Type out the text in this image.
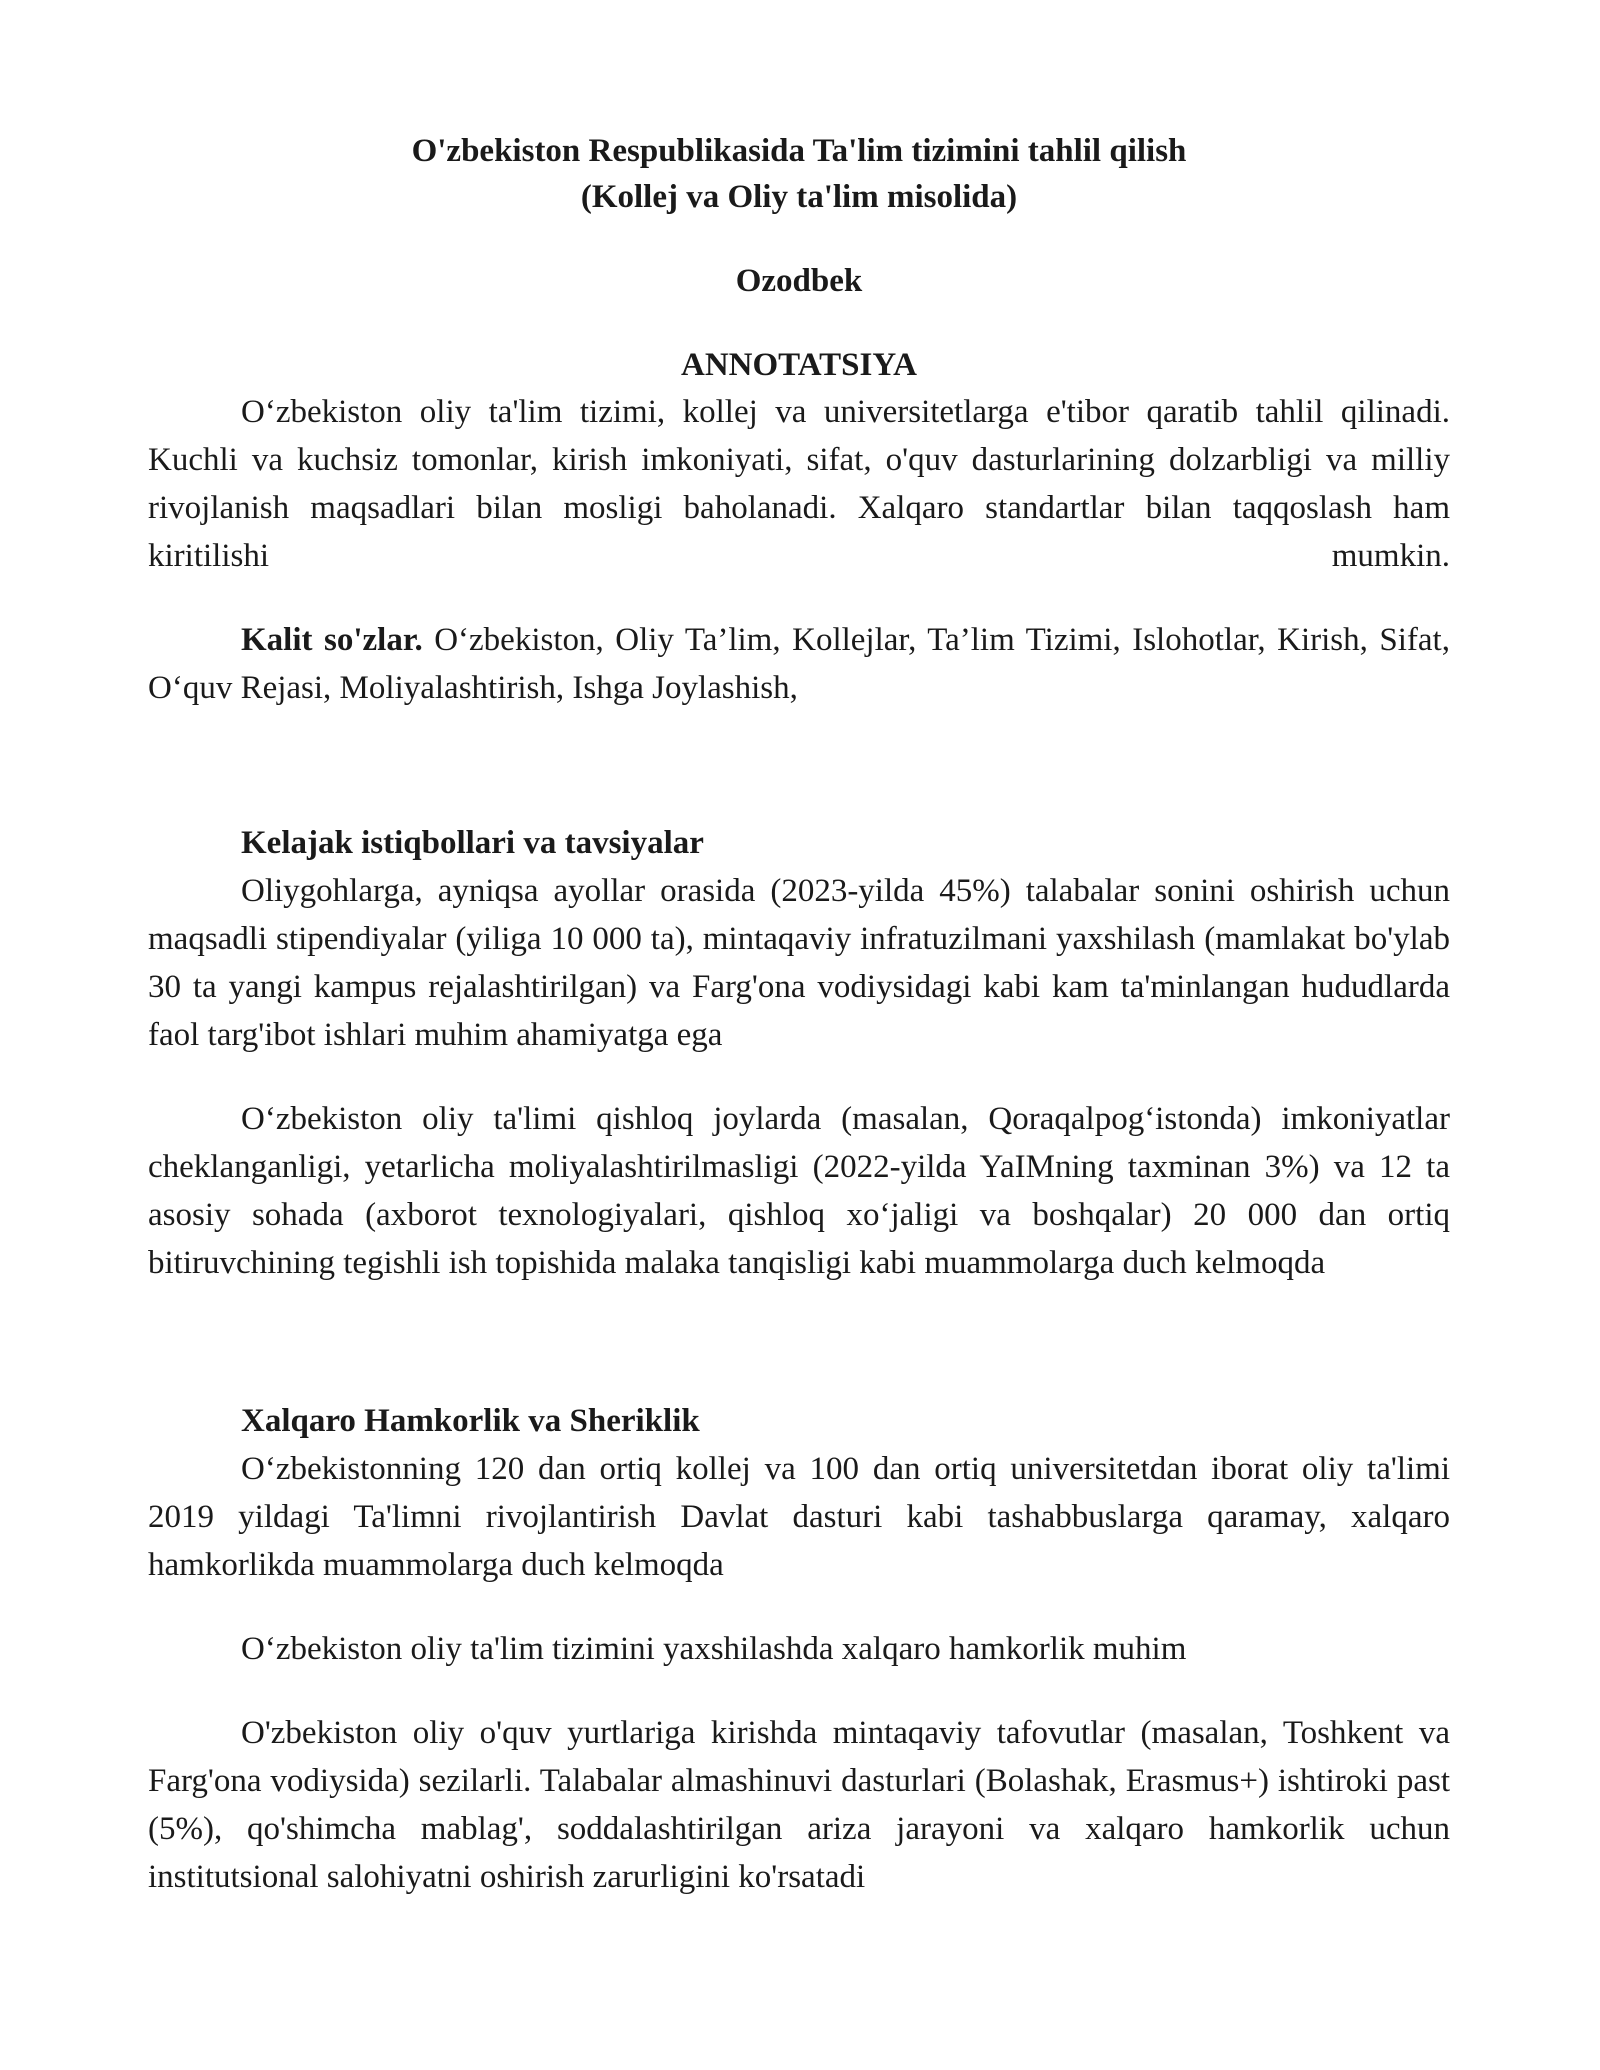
O'zbekiston Respublikasida Ta'lim tizimini tahlil qilish
(Kollej va Oliy ta'lim misolida)
Ozodbek
ANNOTATSIYA

O‘zbekiston oliy ta'lim tizimi, kollej va universitetlarga e'tibor qaratib tahlil qilinadi. Kuchli va kuchsiz tomonlar, kirish imkoniyati, sifat, o'quv dasturlarining dolzarbligi va milliy rivojlanish maqsadlari bilan mosligi baholanadi. Xalqaro standartlar bilan taqqoslash ham kiritilishi mumkin.

Kalit so'zlar. O‘zbekiston, Oliy Ta’lim, Kollejlar, Ta’lim Tizimi, Islohotlar, Kirish, Sifat, O‘quv Rejasi, Moliyalashtirish, Ishga Joylashish,

Kelajak istiqbollari va tavsiyalar

Oliygohlarga, ayniqsa ayollar orasida (2023-yilda 45%) talabalar sonini oshirish uchun maqsadli stipendiyalar (yiliga 10 000 ta), mintaqaviy infratuzilmani yaxshilash (mamlakat bo'ylab 30 ta yangi kampus rejalashtirilgan) va Farg'ona vodiysidagi kabi kam ta'minlangan hududlarda faol targ'ibot ishlari muhim ahamiyatga ega

O‘zbekiston oliy ta'limi qishloq joylarda (masalan, Qoraqalpog‘istonda) imkoniyatlar cheklanganligi, yetarlicha moliyalashtirilmasligi (2022-yilda YaIMning taxminan 3%) va 12 ta asosiy sohada (axborot texnologiyalari, qishloq xo‘jaligi va boshqalar) 20 000 dan ortiq bitiruvchining tegishli ish topishida malaka tanqisligi kabi muammolarga duch kelmoqda

Xalqaro Hamkorlik va Sheriklik

O‘zbekistonning 120 dan ortiq kollej va 100 dan ortiq universitetdan iborat oliy ta'limi 2019 yildagi Ta'limni rivojlantirish Davlat dasturi kabi tashabbuslarga qaramay, xalqaro hamkorlikda muammolarga duch kelmoqda

O‘zbekiston oliy ta'lim tizimini yaxshilashda xalqaro hamkorlik muhim

O'zbekiston oliy o'quv yurtlariga kirishda mintaqaviy tafovutlar (masalan, Toshkent va Farg'ona vodiysida) sezilarli. Talabalar almashinuvi dasturlari (Bolashak, Erasmus+) ishtiroki past (5%), qo'shimcha mablag', soddalashtirilgan ariza jarayoni va xalqaro hamkorlik uchun institutsional salohiyatni oshirish zarurligini ko'rsatadi
